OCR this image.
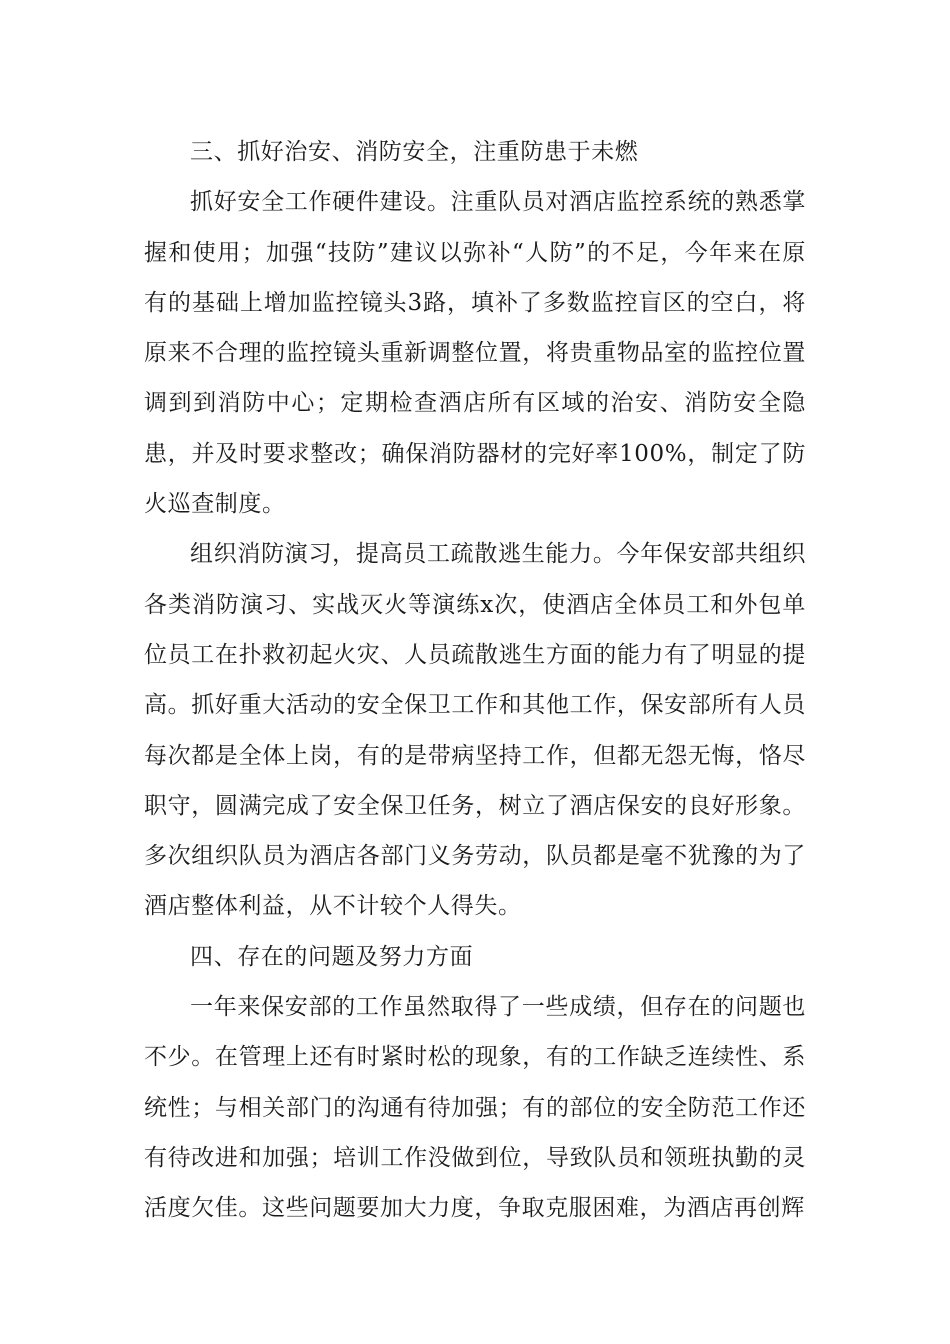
三、抓好治安、消防安全，注重防患于未燃

抓好安全工作硬件建设。注重队员对酒店监控系统的熟悉掌握和使用；加强“技防”建议以弥补“人防”的不足，今年来在原有的基础上增加监控镜头3路，填补了多数监控盲区的空白，将原来不合理的监控镜头重新调整位置，将贵重物品室的监控位置调到到消防中心；定期检查酒店所有区域的治安、消防安全隐患，并及时要求整改；确保消防器材的完好率100%，制定了防火巡查制度。

组织消防演习，提高员工疏散逃生能力。今年保安部共组织各类消防演习、实战灭火等演练x次，使酒店全体员工和外包单位员工在扑救初起火灾、人员疏散逃生方面的能力有了明显的提高。抓好重大活动的安全保卫工作和其他工作，保安部所有人员每次都是全体上岗，有的是带病坚持工作，但都无怨无悔，恪尽职守，圆满完成了安全保卫任务，树立了酒店保安的良好形象。多次组织队员为酒店各部门义务劳动，队员都是毫不犹豫的为了酒店整体利益，从不计较个人得失。

四、存在的问题及努力方面

一年来保安部的工作虽然取得了一些成绩，但存在的问题也不少。在管理上还有时紧时松的现象，有的工作缺乏连续性、系统性；与相关部门的沟通有待加强；有的部位的安全防范工作还有待改进和加强；培训工作没做到位，导致队员和领班执勤的灵活度欠佳。这些问题要加大力度，争取克服困难，为酒店再创辉
